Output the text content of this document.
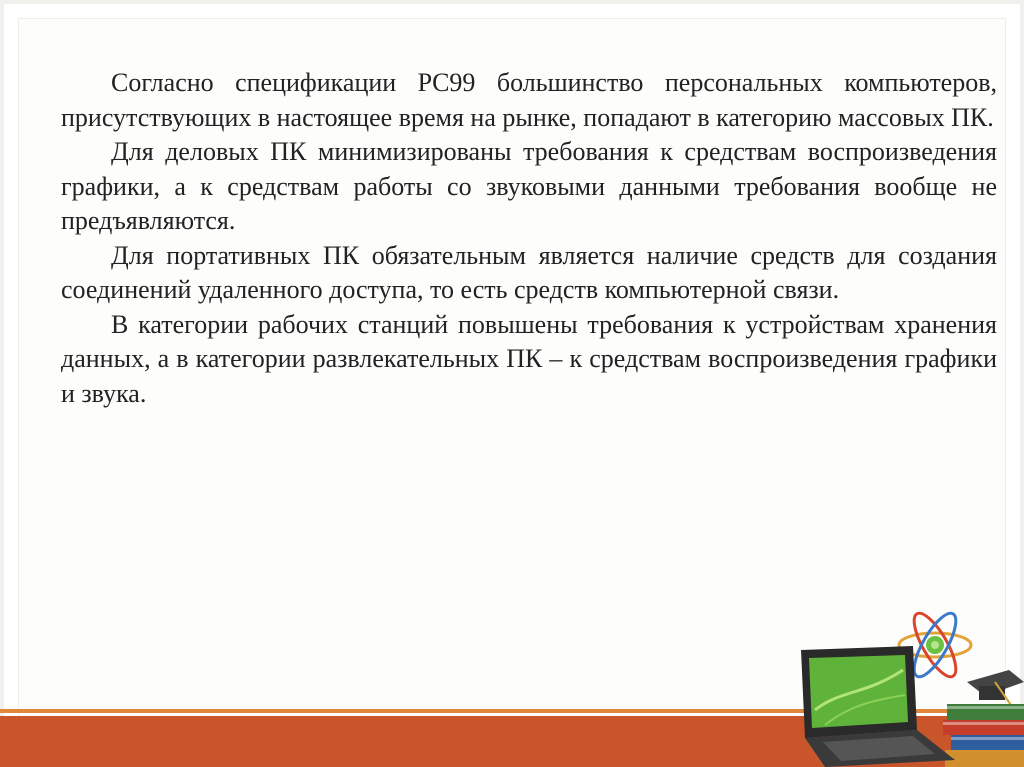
Согласно спецификации PC99 большинство персональных компьютеров, присутствующих в настоящее время на рынке, попадают в категорию массовых ПК.

Для деловых ПК минимизированы требования к средствам воспроизведения графики, а к средствам работы со звуковыми данными требования вообще не предъявляются.

Для портативных ПК обязательным является наличие средств для создания соединений удаленного доступа, то есть средств компьютерной связи.

В категории рабочих станций повышены требования к устройствам хранения данных, а в категории развлекательных ПК – к средствам воспроизведения графики и звука.
